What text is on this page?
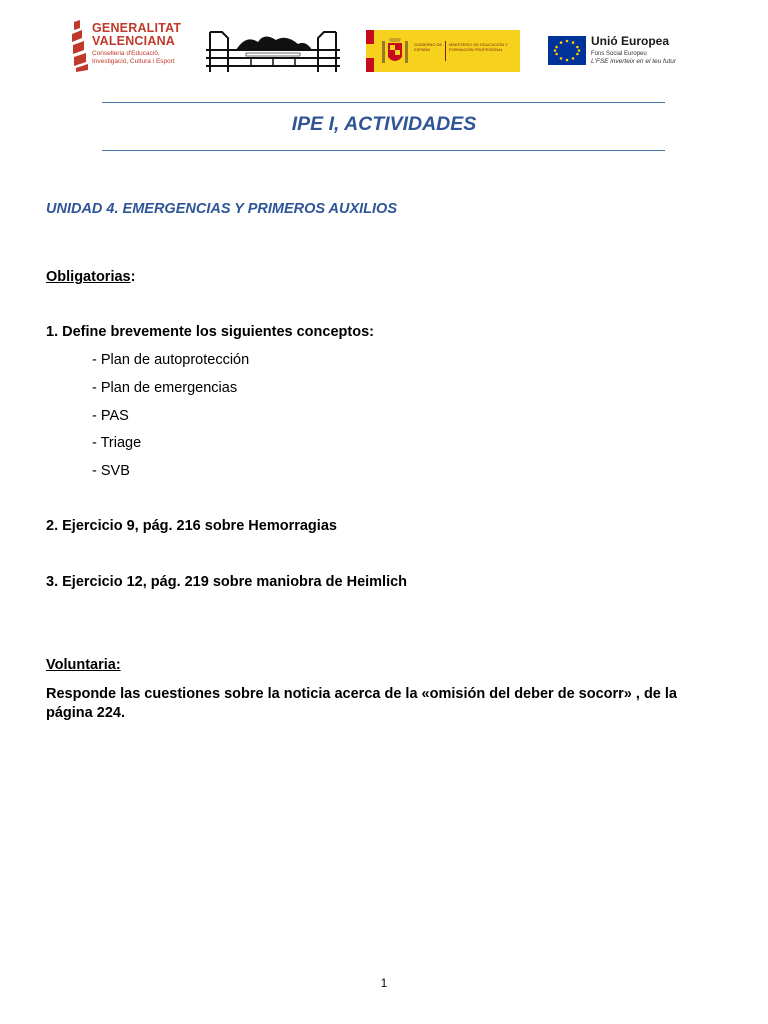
GENERALITAT
VALENCIANA
Conselleria d'Educació,
Investigació, Cultura i Esport
GOBIERNO DE ESPAÑA
MINISTERIO DE EDUCACIÓN Y FORMACIÓN PROFESIONAL
Unió Europea
Fons Social Europeu
L'FSE inverteix en el teu futur
IPE I, ACTIVIDADES
UNIDAD 4. EMERGENCIAS Y PRIMEROS AUXILIOS
Obligatorias:
1. Define brevemente los siguientes conceptos:
- Plan de autoprotección
- Plan de emergencias
- PAS
- Triage
- SVB
2. Ejercicio 9, pág. 216 sobre Hemorragias
3. Ejercicio 12, pág. 219 sobre maniobra de Heimlich
Voluntaria:
Responde las cuestiones sobre la noticia acerca de la «omisión del deber de socorr» , de la página 224.
1
